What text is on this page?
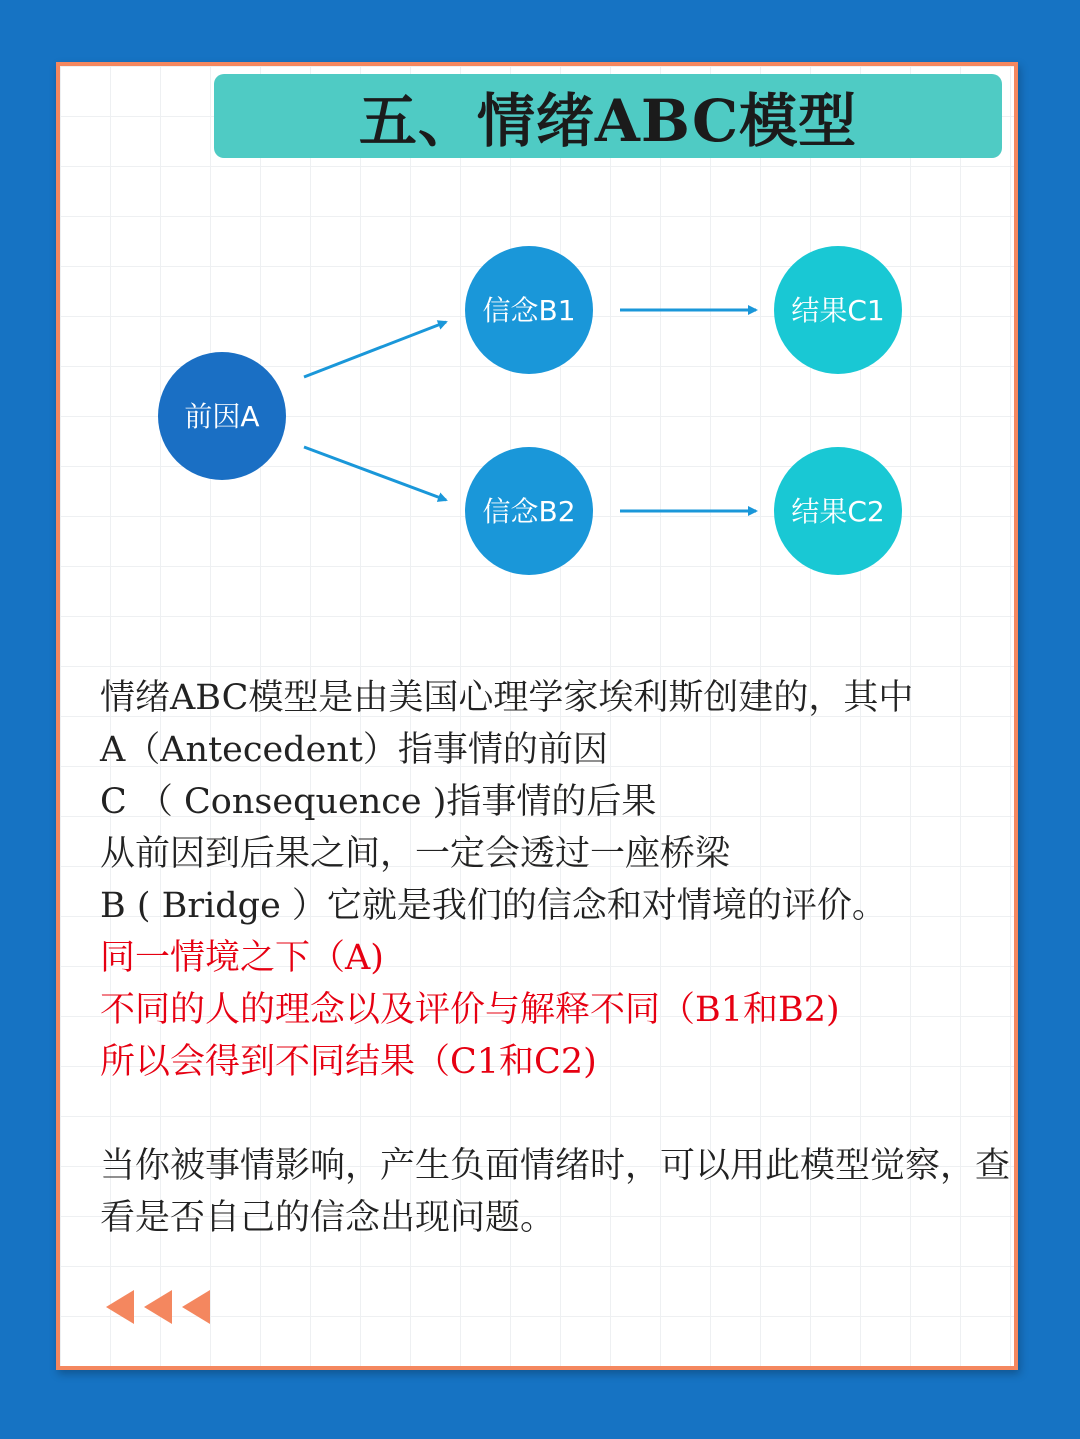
五、情绪ABC模型
前因A
信念B1
信念B2
结果C1
结果C2

情绪ABC模型是由美国心理学家埃利斯创建的，其中

A（Antecedent）指事情的前因

C （ Consequence )指事情的后果

从前因到后果之间，一定会透过一座桥梁

B ( Bridge ）它就是我们的信念和对情境的评价。

同一情境之下（A)

不同的人的理念以及评价与解释不同（B1和B2)

所以会得到不同结果（C1和C2)

当你被事情影响，产生负面情绪时，可以用此模型觉察，查看是否自己的信念出现问题。
